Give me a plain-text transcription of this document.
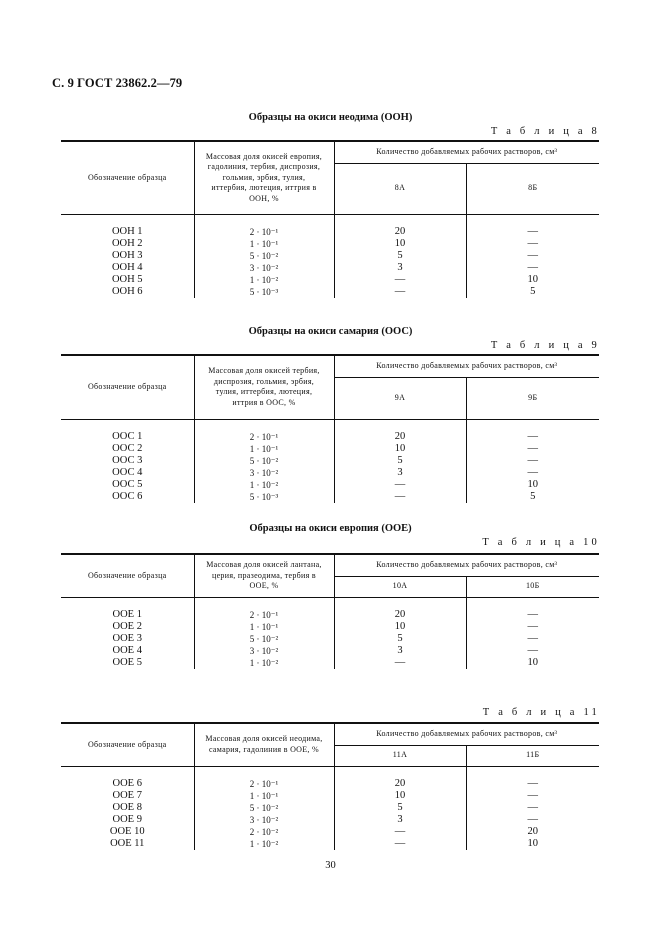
С. 9 ГОСТ 23862.2—79
Образцы на окиси неодима (ООН)
Т а б л и ц а 8
Обозначение образца	Массовая доля окисей европия, гадолиния, тербия, диспрозия, гольмия, эрбия, тулия, иттербия, лютеция, иттрия в ООН, %	Количество добавляемых рабочих растворов, см³	
		8А	8Б

ООН 1	2 · 10⁻¹	20	—
ООН 2	1 · 10⁻¹	10	—
ООН 3	5 · 10⁻²	5	—
ООН 4	3 · 10⁻²	3	—
ООН 5	1 · 10⁻²	—	10
ООН 6	5 · 10⁻³	—	5
Образцы на окиси самария (ООС)
Т а б л и ц а 9
Обозначение образца	Массовая доля окисей тербия, диспрозия, гольмия, эрбия, тулия, иттербия, лютеция, иттрия в ООС, %	Количество добавляемых рабочих растворов, см³	
		9А	9Б

ООС 1	2 · 10⁻¹	20	—
ООС 2	1 · 10⁻¹	10	—
ООС 3	5 · 10⁻²	5	—
ООС 4	3 · 10⁻²	3	—
ООС 5	1 · 10⁻²	—	10
ООС 6	5 · 10⁻³	—	5
Образцы на окиси европия (ООЕ)
Т а б л и ц а 10
Обозначение образца	Массовая доля окисей лантана, церия, празеодима, тербия в ООЕ, %	Количество добавляемых рабочих растворов, см³	
		10А	10Б

ООЕ 1	2 · 10⁻¹	20	—
ООЕ 2	1 · 10⁻¹	10	—
ООЕ 3	5 · 10⁻²	5	—
ООЕ 4	3 · 10⁻²	3	—
ООЕ 5	1 · 10⁻²	—	10
Т а б л и ц а 11
Обозначение образца	Массовая доля окисей неодима, самария, гадолиния в ООЕ, %	Количество добавляемых рабочих растворов, см³	
		11А	11Б

ООЕ 6	2 · 10⁻¹	20	—
ООЕ 7	1 · 10⁻¹	10	—
ООЕ 8	5 · 10⁻²	5	—
ООЕ 9	3 · 10⁻²	3	—
ООЕ 10	2 · 10⁻²	—	20
ООЕ 11	1 · 10⁻²	—	10
30
